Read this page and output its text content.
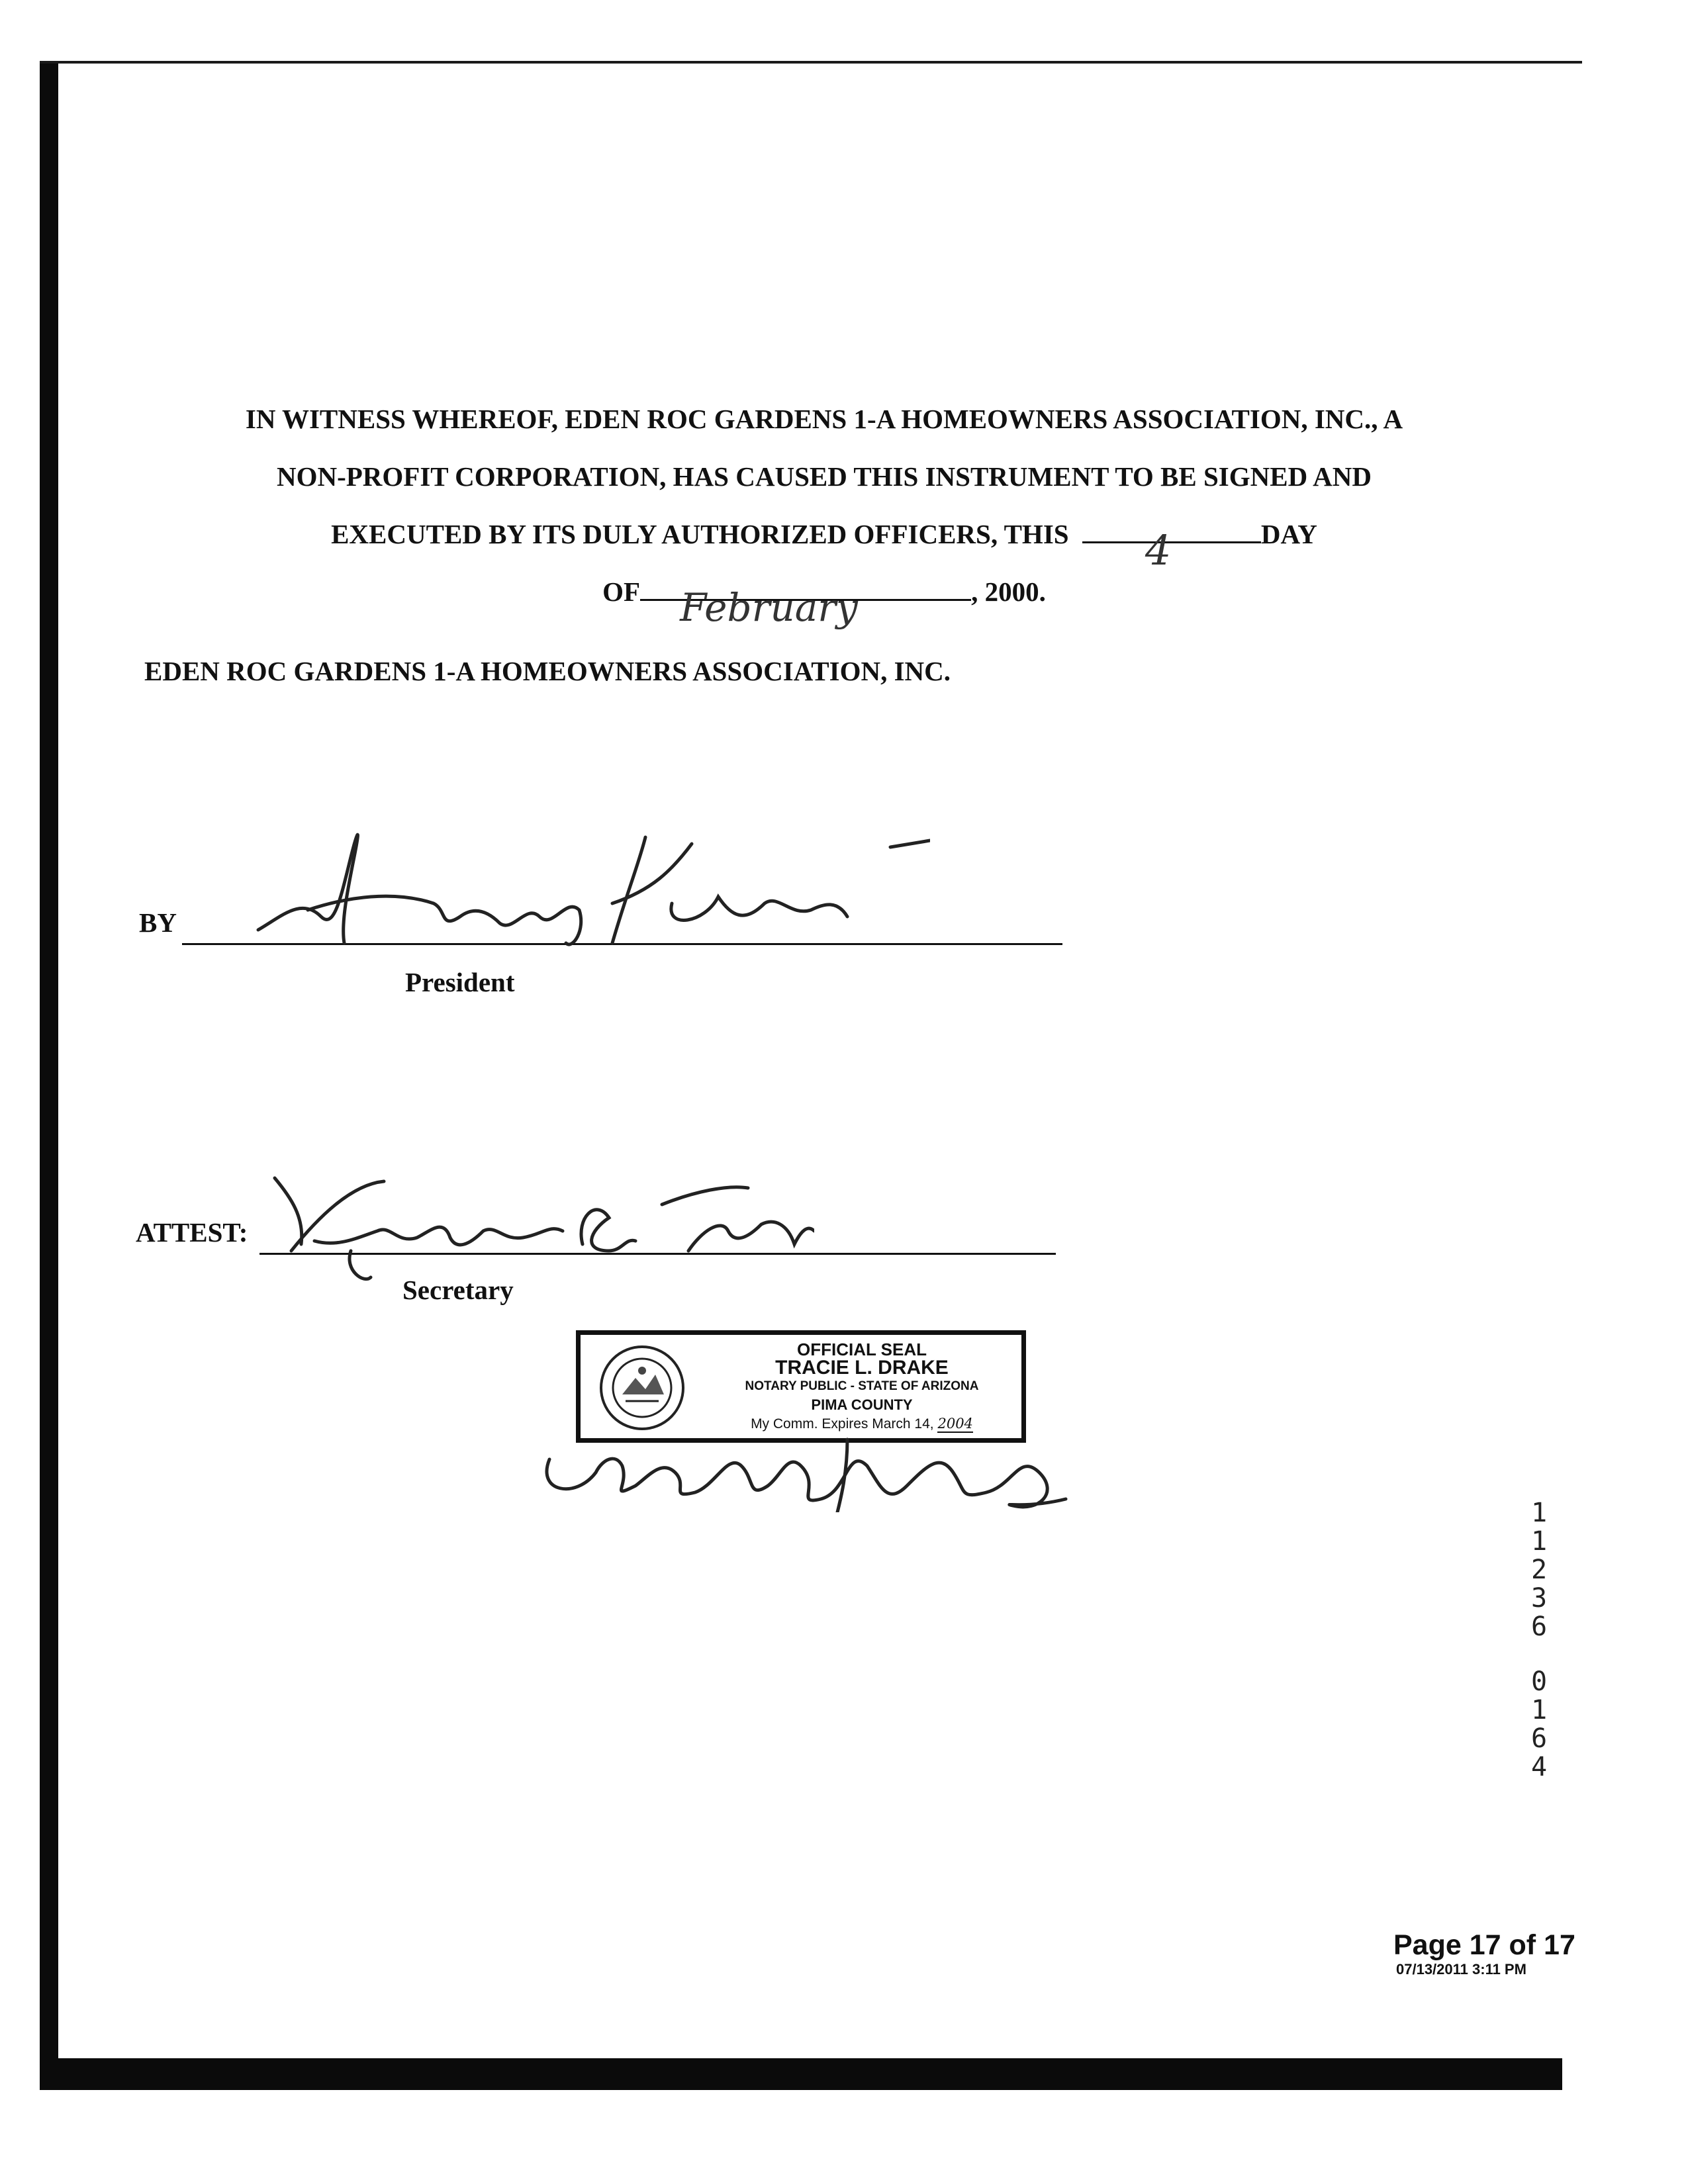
IN WITNESS WHEREOF, EDEN ROC GARDENS 1-A HOMEOWNERS ASSOCIATION, INC., A
NON-PROFIT CORPORATION, HAS CAUSED THIS INSTRUMENT TO BE SIGNED AND
EXECUTED BY ITS DULY AUTHORIZED OFFICERS, THIS 4	DAY
OF February	, 2000.
EDEN ROC GARDENS 1-A HOMEOWNERS ASSOCIATION, INC.
BY
President
ATTEST:
Secretary
OFFICIAL SEAL
TRACIE L. DRAKE
NOTARY PUBLIC - STATE OF ARIZONA
PIMA COUNTY
My Comm. Expires March 14, 2004
1
1
2
3
6
0
1
6
4
Page 17 of 17
07/13/2011 3:11 PM
